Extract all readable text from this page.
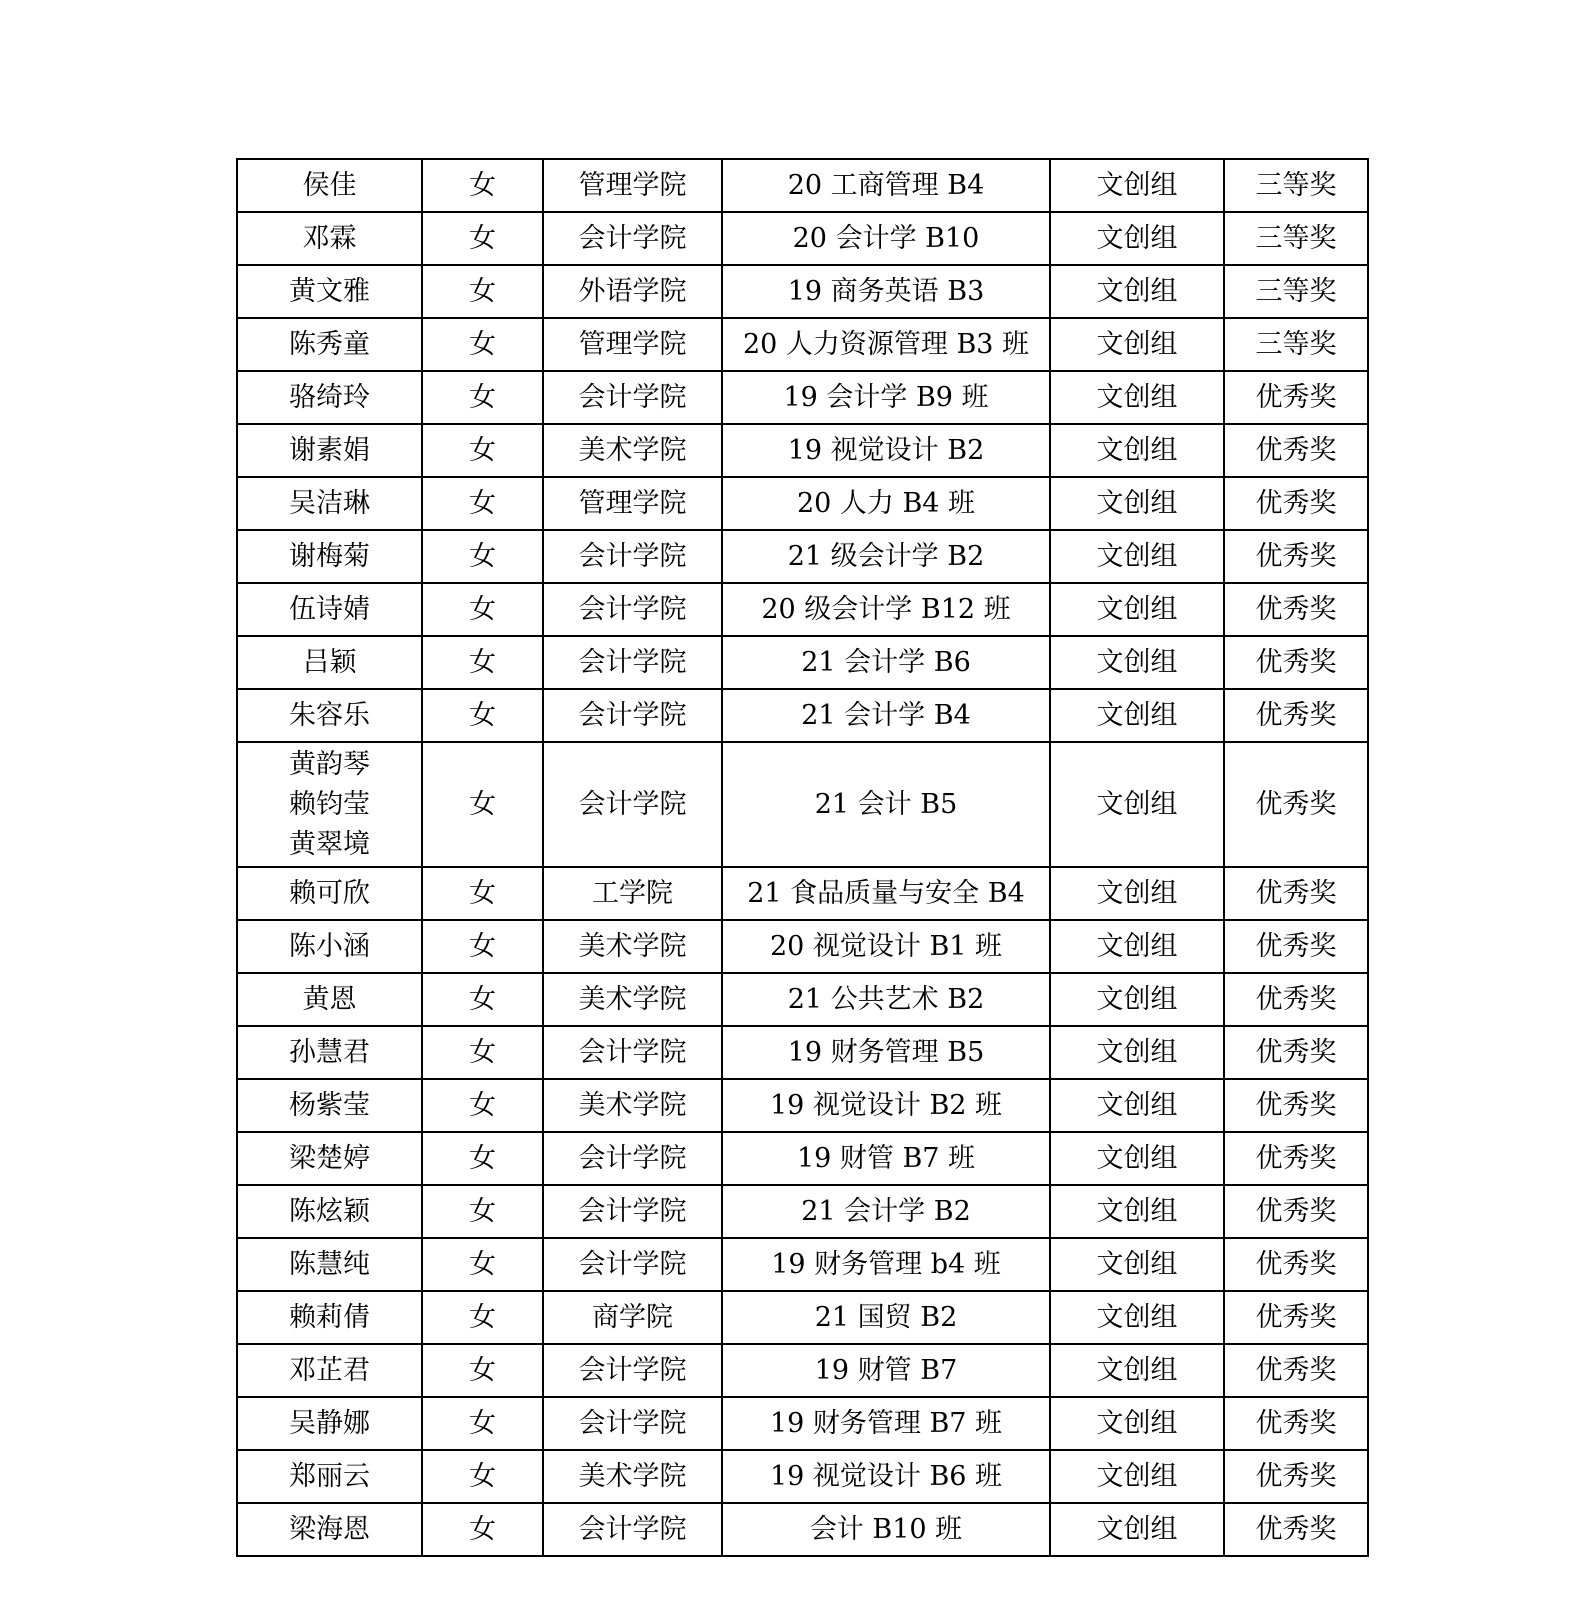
侯佳	女	管理学院	20 工商管理 B4	文创组	三等奖

邓霖	女	会计学院	20 会计学 B10	文创组	三等奖

黄文雅	女	外语学院	19 商务英语 B3	文创组	三等奖

陈秀童	女	管理学院	20 人力资源管理 B3 班	文创组	三等奖

骆绮玲	女	会计学院	19 会计学 B9 班	文创组	优秀奖

谢素娟	女	美术学院	19 视觉设计 B2	文创组	优秀奖

吴洁琳	女	管理学院	20 人力 B4 班	文创组	优秀奖

谢梅菊	女	会计学院	21 级会计学 B2	文创组	优秀奖

伍诗婧	女	会计学院	20 级会计学 B12 班	文创组	优秀奖

吕颖	女	会计学院	21 会计学 B6	文创组	优秀奖

朱容乐	女	会计学院	21 会计学 B4	文创组	优秀奖

黄韵琴
赖钧莹
黄翠境	女	会计学院	21 会计 B5	文创组	优秀奖

赖可欣	女	工学院	21 食品质量与安全 B4	文创组	优秀奖

陈小涵	女	美术学院	20 视觉设计 B1 班	文创组	优秀奖

黄恩	女	美术学院	21 公共艺术 B2	文创组	优秀奖

孙慧君	女	会计学院	19 财务管理 B5	文创组	优秀奖

杨紫莹	女	美术学院	19 视觉设计 B2 班	文创组	优秀奖

梁楚婷	女	会计学院	19 财管 B7 班	文创组	优秀奖

陈炫颖	女	会计学院	21 会计学 B2	文创组	优秀奖

陈慧纯	女	会计学院	19 财务管理 b4 班	文创组	优秀奖

赖莉倩	女	商学院	21 国贸 B2	文创组	优秀奖

邓芷君	女	会计学院	19 财管 B7	文创组	优秀奖

吴静娜	女	会计学院	19 财务管理 B7 班	文创组	优秀奖

郑丽云	女	美术学院	19 视觉设计 B6 班	文创组	优秀奖

梁海恩	女	会计学院	会计 B10 班	文创组	优秀奖
